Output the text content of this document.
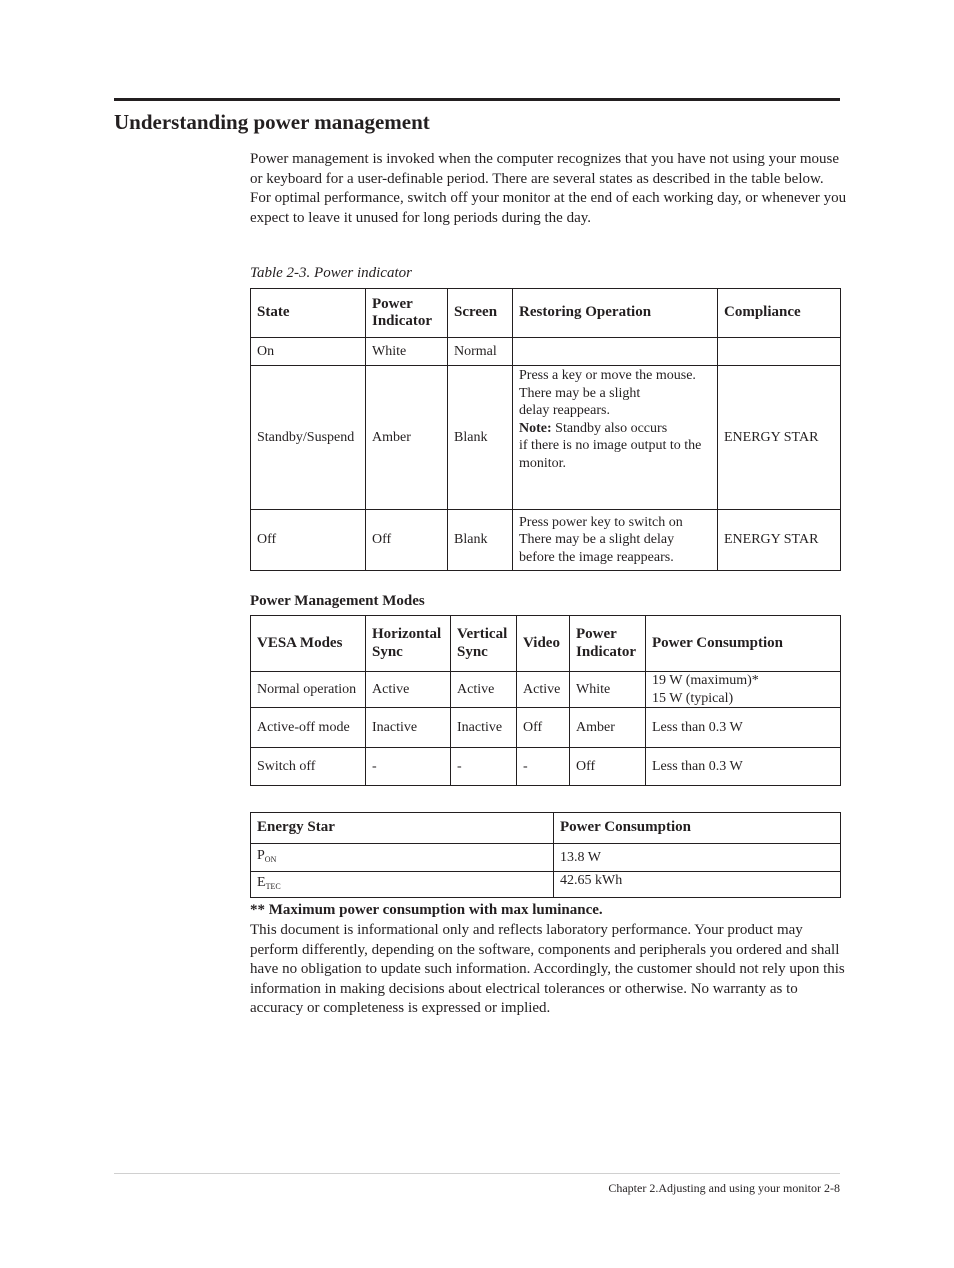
Understanding power management

Power management is invoked when the computer recognizes that you have not using your mouse or keyboard for a user-definable period. There are several states as described in the table below.

For optimal performance, switch off your monitor at the end of each working day, or whenever you expect to leave it unused for long periods during the day.

Table 2-3. Power indicator
State	Power Indicator	Screen	Restoring Operation	Compliance
On	White	Normal		
Standby/Suspend	Amber	Blank	Press a key or move the mouse.
There may be a slight
delay reappears.
Note: Standby also occurs
if there is no image output to the monitor.	ENERGY STAR
Off	Off	Blank	Press power key to switch on
There may be a slight delay
before the image reappears.	ENERGY STAR
Power Management Modes
VESA Modes	Horizontal Sync	Vertical Sync	Video	Power Indicator	Power Consumption
Normal operation	Active	Active	Active	White	19 W (maximum)*
15 W (typical)

Active-off mode	Inactive	Inactive	Off	Amber	Less than 0.3 W
Switch off	-	-	-	Off	Less than 0.3 W
Energy Star	Power Consumption
$P_{ON}$	13.8 W
$E_{TEC}$	42.65 kWh
** Maximum power consumption with max luminance.

This document is informational only and reflects laboratory performance. Your product may perform differently, depending on the software, components and peripherals you ordered and shall have no obligation to update such information. Accordingly, the customer should not rely upon this information in making decisions about electrical tolerances or otherwise. No warranty as to accuracy or completeness is expressed or implied.

Chapter 2.Adjusting and using your monitor 2-8
